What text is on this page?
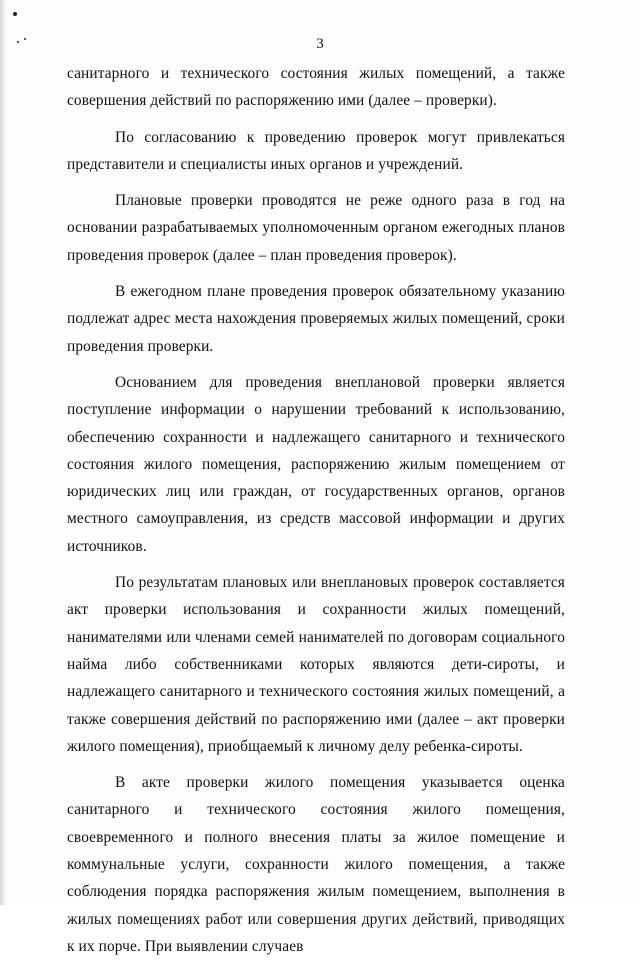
3

санитарного и технического состояния жилых помещений, а также совершения действий по распоряжению ими (далее – проверки).

По согласованию к проведению проверок могут привлекаться представители и специалисты иных органов и учреждений.

Плановые проверки проводятся не реже одного раза в год на основании разрабатываемых уполномоченным органом ежегодных планов проведения проверок (далее – план проведения проверок).

В ежегодном плане проведения проверок обязательному указанию подлежат адрес места нахождения проверяемых жилых помещений, сроки проведения проверки.

Основанием для проведения внеплановой проверки является поступление информации о нарушении требований к использованию, обеспечению сохранности и надлежащего санитарного и технического состояния жилого помещения, распоряжению жилым помещением от юридических лиц или граждан, от государственных органов, органов местного самоуправления, из средств массовой информации и других источников.

По результатам плановых или внеплановых проверок составляется акт проверки использования и сохранности жилых помещений, нанимателями или членами семей нанимателей по договорам социального найма либо собственниками которых являются дети-сироты, и надлежащего санитарного и технического состояния жилых помещений, а также совершения действий по распоряжению ими (далее – акт проверки жилого помещения), приобщаемый к личному делу ребенка-сироты.

В акте проверки жилого помещения указывается оценка санитарного и технического состояния жилого помещения, своевременного и полного внесения платы за жилое помещение и коммунальные услуги, сохранности жилого помещения, а также соблюдения порядка распоряжения жилым помещением, выполнения в жилых помещениях работ или совершения других действий, приводящих к их порче. При выявлении случаев
